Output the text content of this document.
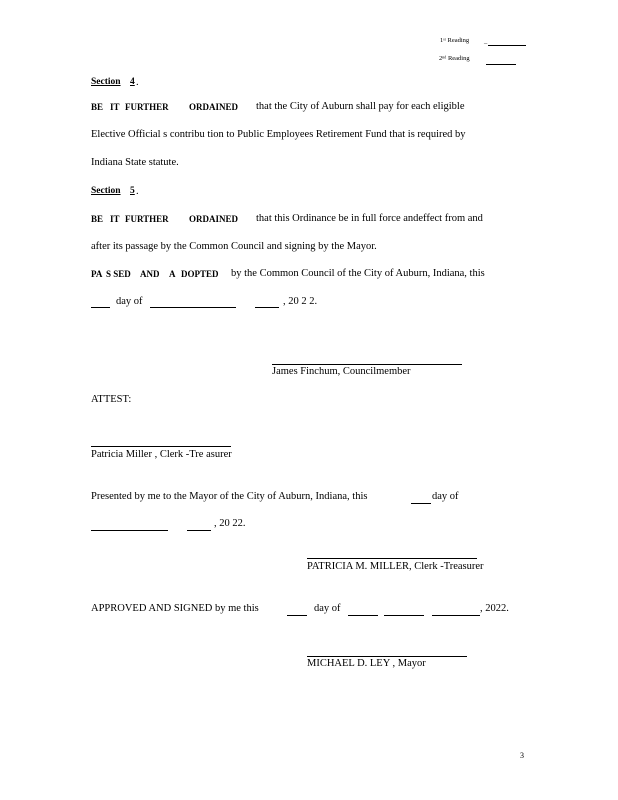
1ˢᵗ Reading _
2ⁿᵈ Reading
Section 4 .
BE IT FURTHER ORDAINED that the City of Auburn shall pay for each eligible
Elective Official s contribu tion to Public Employees Retirement Fund that is required by
Indiana State statute.
Section 5 .
BE IT FURTHER ORDAINED that this Ordinance be in full force andeffect from and
after its passage by the Common Council and signing by the Mayor.
PA S SED AND A DOPTED by the Common Council of the City of Auburn, Indiana, this
day of	, 20 2 2.
James Finchum, Councilmember
ATTEST:
Patricia Miller , Clerk -Tre asurer
Presented by me to the Mayor of the City of Auburn, Indiana, this	day of
, 20 22.
PATRICIA M. MILLER, Clerk -Treasurer
APPROVED AND SIGNED by me this	day of	, 2022.
MICHAEL D. LEY , Mayor
3
